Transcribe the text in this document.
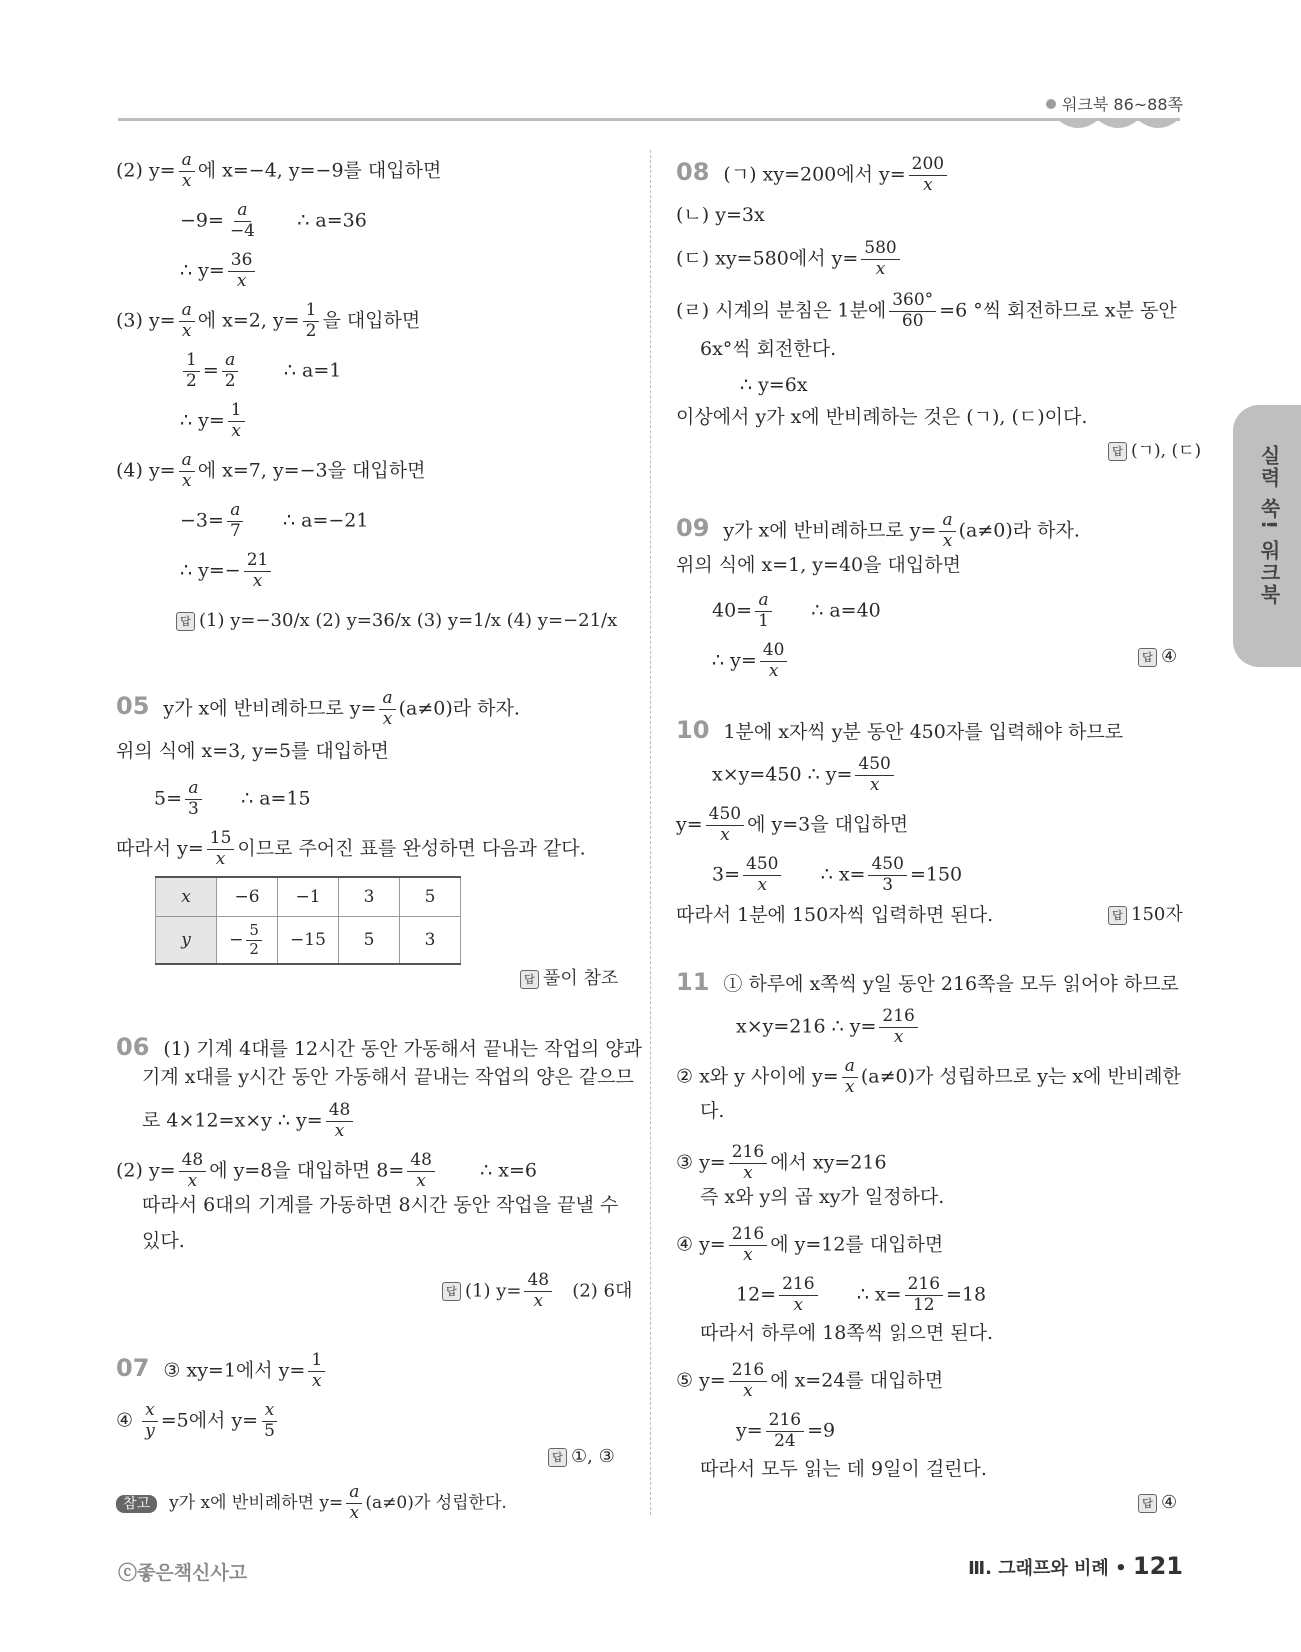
워크북 86~88쪽
실력 쑥! 워크북
(2) $y= \frac{a}{x}$ 에 x=−4, y=−9를 대입하면
$-9= \frac{a}{-4}$ ∴ a=36
∴ $y= \frac{36}{x}$
(3) $y= \frac{a}{x}$ 에 x=2, $y= \frac{1}{2}$ 을 대입하면
$\frac{1}{2} = \frac{a}{2}$ ∴ a=1
∴ $y= \frac{1}{x}$
(4) $y= \frac{a}{x}$ 에 x=7, y=−3을 대입하면
$-3= \frac{a}{7}$ ∴ a=−21
∴ $y=- \frac{21}{x}$
답 (1) y=−30/x (2) y=36/x (3) y=1/x (4) y=−21/x
05 y가 x에 반비례하므로 $y= \frac{a}{x} (a\ne 0)$라 하자.
위의 식에 x=3, y=5를 대입하면
$5= \frac{a}{3}$ ∴ a=15
따라서 $y= \frac{15}{x}$ 이므로 주어진 표를 완성하면 다음과 같다.
x	−6	−1	3	5
y	− $\frac{5}{2}$	−15	5	3
답 풀이 참조
06 (1) 기계 4대를 12시간 동안 가동해서 끝내는 작업의 양과
기계 x대를 y시간 동안 가동해서 끝내는 작업의 양은 같으므
로 4×12=x×y ∴ $y= \frac{48}{x}$
(2) $y= \frac{48}{x}$ 에 y=8을 대입하면 $8= \frac{48}{x}$ ∴ x=6
따라서 6대의 기계를 가동하면 8시간 동안 작업을 끝낼 수
있다.
답 (1) $y= \frac{48}{x} (2)$ 6대
07 ③ xy=1에서 $y= \frac{1}{x}$
④ $\frac{x}{y} =5$에서 $y= \frac{x}{5}$
답 ①, ③
참고 y가 x에 반비례하면 $y= \frac{a}{x} (a\ne 0)$가 성립한다.
08 (ㄱ) xy=200에서 $y= \frac{200}{x}$
(ㄴ) y=3x
(ㄷ) xy=580에서 $y= \frac{580}{x}$
(ㄹ) 시계의 분침은 1분에 $\frac{360^\circ}{60} =6$ °씩 회전하므로 x분 동안
6x°씩 회전한다.
∴ y=6x
이상에서 y가 x에 반비례하는 것은 (ㄱ), (ㄷ)이다.
답 (ㄱ), (ㄷ)
09 y가 x에 반비례하므로 $y= \frac{a}{x} (a\ne 0)$라 하자.
위의 식에 x=1, y=40을 대입하면
$40= \frac{a}{1}$ ∴ a=40
∴ $y= \frac{40}{x}$	답 ④
10 1분에 x자씩 y분 동안 450자를 입력해야 하므로
x×y=450 ∴ $y= \frac{450}{x}$
$y= \frac{450}{x}$ 에 y=3을 대입하면
$3= \frac{450}{x}$ ∴ $x= \frac{450}{3} =150$
따라서 1분에 150자씩 입력하면 된다.	답 150자
11 ① 하루에 x쪽씩 y일 동안 216쪽을 모두 읽어야 하므로
x×y=216 ∴ $y= \frac{216}{x}$
② x와 y 사이에 $y= \frac{a}{x} (a\ne 0)$가 성립하므로 y는 x에 반비례한
다.
③ $y= \frac{216}{x}$ 에서 xy=216
즉 x와 y의 곱 xy가 일정하다.
④ $y= \frac{216}{x}$ 에 y=12를 대입하면
$12= \frac{216}{x}$ ∴ $x= \frac{216}{12} =18$
따라서 하루에 18쪽씩 읽으면 된다.
⑤ $y= \frac{216}{x}$ 에 x=24를 대입하면
$y= \frac{216}{24} =9$
따라서 모두 읽는 데 9일이 걸린다.
답 ④
ⓒ좋은책신사고	Ⅲ. 그래프와 비례 • 121
